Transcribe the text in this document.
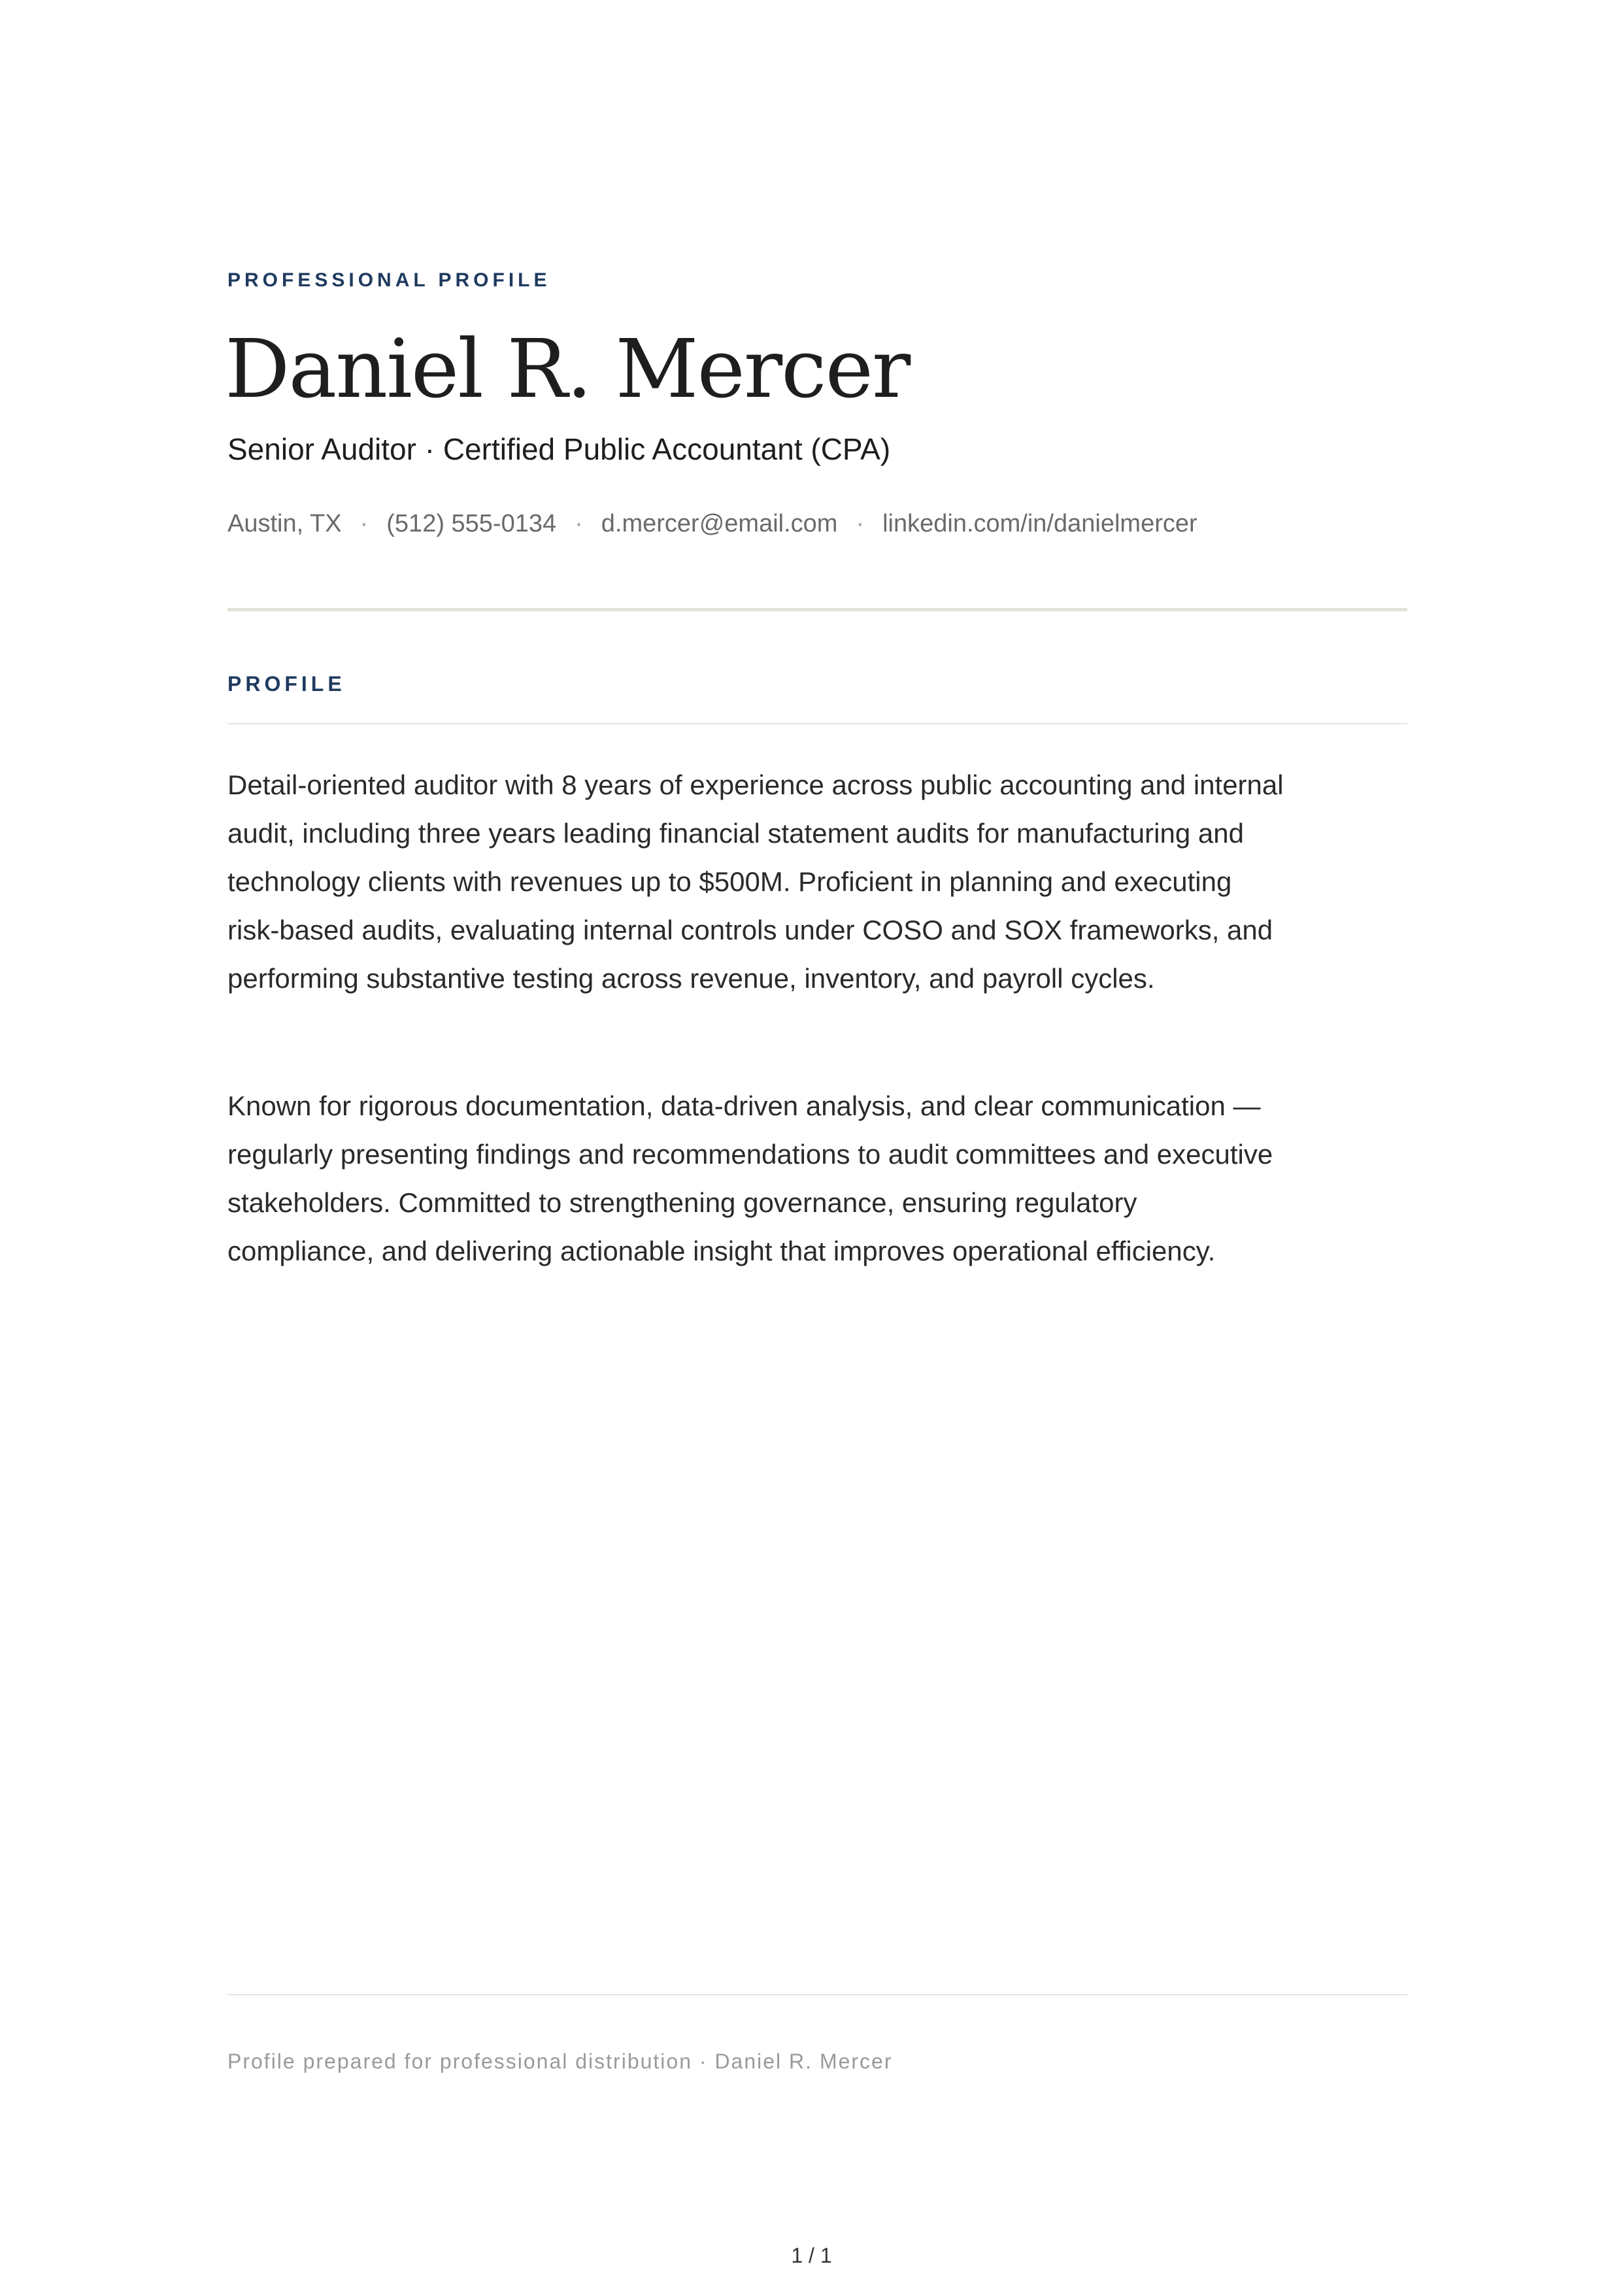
PROFESSIONAL PROFILE
Daniel R. Mercer
Senior Auditor · Certified Public Accountant (CPA)
Austin, TX · (512) 555-0134 · d.mercer@email.com · linkedin.com/in/danielmercer
PROFILE

Detail-oriented auditor with 8 years of experience across public accounting and internal audit, including three years leading financial statement audits for manufacturing and technology clients with revenues up to $500M. Proficient in planning and executing risk-based audits, evaluating internal controls under COSO and SOX frameworks, and performing substantive testing across revenue, inventory, and payroll cycles.

Known for rigorous documentation, data-driven analysis, and clear communication — regularly presenting findings and recommendations to audit committees and executive stakeholders. Committed to strengthening governance, ensuring regulatory compliance, and delivering actionable insight that improves operational efficiency.

Profile prepared for professional distribution · Daniel R. Mercer
1 / 1
